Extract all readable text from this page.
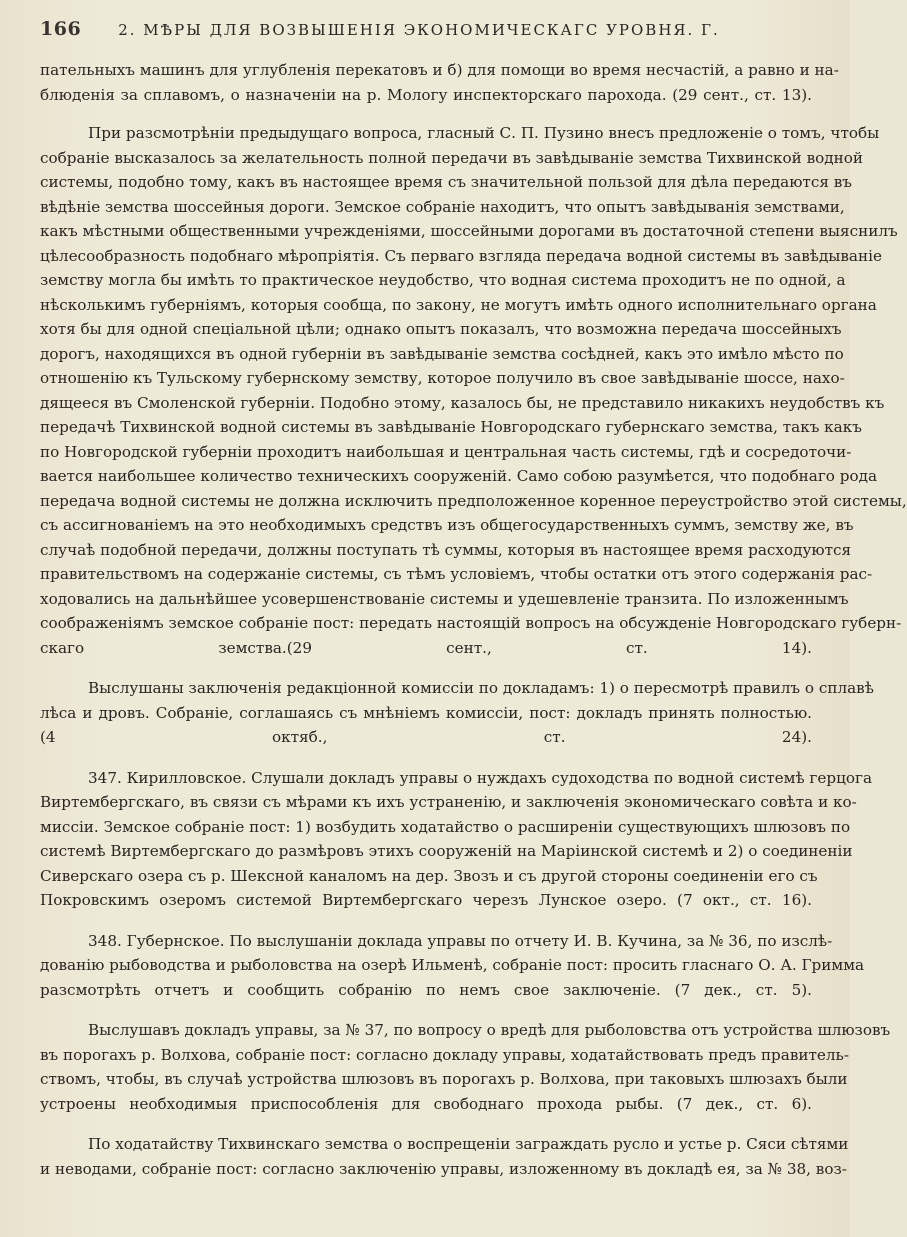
166	2. МѢРЫ ДЛЯ ВОЗВЫШЕНІЯ ЭКОНОМИЧЕСКАГС УРОВНЯ. Г.
пательныхъ машинъ для углубленія перекатовъ и б) для помощи во время несчастій, а равно и на-
блюденія за сплавомъ, о назначеніи на р. Мологу инспекторскаго парохода. (29 сент., ст. 13).
При разсмотрѣніи предыдущаго вопроса, гласный С. П. Пузино внесъ предложеніе о томъ, чтобы
собраніе высказалось за желательность полной передачи въ завѣдываніе земства Тихвинской водной
системы, подобно тому, какъ въ настоящее время съ значительной пользой для дѣла передаются въ
вѣдѣніе земства шоссейныя дороги. Земское собраніе находитъ, что опытъ завѣдыванія земствами,
какъ мѣстными общественными учрежденіями, шоссейными дорогами въ достаточной степени выяснилъ
цѣлесообразность подобнаго мѣропріятія. Съ перваго взгляда передача водной системы въ завѣдываніе
земству могла бы имѣть то практическое неудобство, что водная система проходитъ не по одной, а
нѣсколькимъ губерніямъ, которыя сообща, по закону, не могутъ имѣть одного исполнительнаго органа
хотя бы для одной спеціальной цѣли; однако опытъ показалъ, что возможна передача шоссейныхъ
дорогъ, находящихся въ одной губерніи въ завѣдываніе земства сосѣдней, какъ это имѣло мѣсто по
отношенію къ Тульскому губернскому земству, которое получило въ свое завѣдываніе шоссе, нахо-
дящееся въ Смоленской губерніи. Подобно этому, казалось бы, не представило никакихъ неудобствъ къ
передачѣ Тихвинской водной системы въ завѣдываніе Новгородскаго губернскаго земства, такъ какъ
по Новгородской губерніи проходитъ наибольшая и центральная часть системы, гдѣ и сосредоточи-
вается наибольшее количество техническихъ сооруженій. Само собою разумѣется, что подобнаго рода
передача водной системы не должна исключить предположенное коренное переустройство этой системы,
съ ассигнованіемъ на это необходимыхъ средствъ изъ общегосударственныхъ суммъ, земству же, въ
случаѣ подобной передачи, должны поступать тѣ суммы, которыя въ настоящее время расходуются
правительствомъ на содержаніе системы, съ тѣмъ условіемъ, чтобы остатки отъ этого содержанія рас-
ходовались на дальнѣйшее усовершенствованіе системы и удешевленіе транзита. По изложеннымъ
соображеніямъ земское собраніе пост: передать настоящій вопросъ на обсужденіе Новгородскаго губерн-
скаго земства.(29 сент., ст. 14).
Выслушаны заключенія редакціонной комиссіи по докладамъ: 1) о пересмотрѣ правилъ о сплавѣ
лѣса и дровъ. Собраніе, соглашаясь съ мнѣніемъ комиссіи, пост: докладъ принять полностью.
(4 октяб., ст. 24).
347. Кирилловское. Слушали докладъ управы о нуждахъ судоходства по водной системѣ герцога
Виртембергскаго, въ связи съ мѣрами къ ихъ устраненію, и заключенія экономическаго совѣта и ко-
миссіи. Земское собраніе пост: 1) возбудить ходатайство о расширеніи существующихъ шлюзовъ по
системѣ Виртембергскаго до размѣровъ этихъ сооруженій на Маріинской системѣ и 2) о соединеніи
Сиверскаго озера съ р. Шексной каналомъ на дер. Звозъ и съ другой стороны соединеніи его съ
Покровскимъ озеромъ системой Виртембергскаго черезъ Лунское озеро. (7 окт., ст. 16).
348. Губернское. По выслушаніи доклада управы по отчету И. В. Кучина, за № 36, по изслѣ-
дованію рыбоводства и рыболовства на озерѣ Ильменѣ, собраніе пост: просить гласнаго О. А. Гримма
разсмотрѣть отчетъ и сообщить собранію по немъ свое заключеніе. (7 дек., ст. 5).
Выслушавъ докладъ управы, за № 37, по вопросу о вредѣ для рыболовства отъ устройства шлюзовъ
въ порогахъ р. Волхова, собраніе пост: согласно докладу управы, ходатайствовать предъ правитель-
ствомъ, чтобы, въ случаѣ устройства шлюзовъ въ порогахъ р. Волхова, при таковыхъ шлюзахъ были
устроены необходимыя приспособленія для свободнаго прохода рыбы. (7 дек., ст. 6).
По ходатайству Тихвинскаго земства о воспрещеніи заграждать русло и устье р. Сяси сѣтями
и неводами, собраніе пост: согласно заключенію управы, изложенному въ докладѣ ея, за № 38, воз-
